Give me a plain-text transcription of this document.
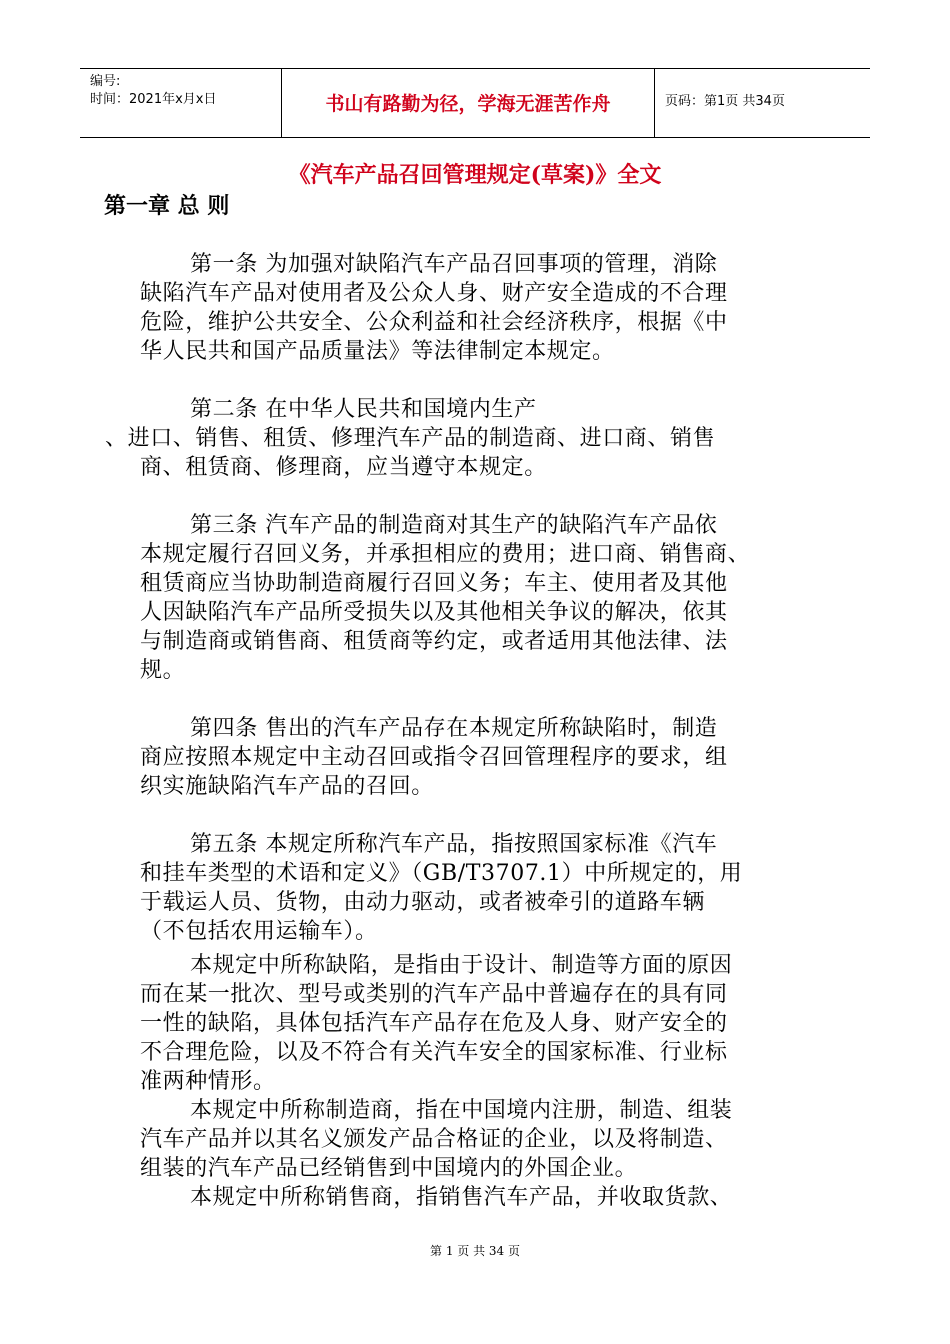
编号:
时间：2021年x月x日	书山有路勤为径，学海无涯苦作舟	页码：第1页 共34页
《汽车产品召回管理规定(草案)》全文
第一章 总 则
第一条 为加强对缺陷汽车产品召回事项的管理，消除
缺陷汽车产品对使用者及公众人身、财产安全造成的不合理
危险，维护公共安全、公众利益和社会经济秩序，根据《中
华人民共和国产品质量法》等法律制定本规定。
第二条 在中华人民共和国境内生产
、进口、销售、租赁、修理汽车产品的制造商、进口商、销售
商、租赁商、修理商，应当遵守本规定。
第三条 汽车产品的制造商对其生产的缺陷汽车产品依
本规定履行召回义务，并承担相应的费用；进口商、销售商、
租赁商应当协助制造商履行召回义务；车主、使用者及其他
人因缺陷汽车产品所受损失以及其他相关争议的解决，依其
与制造商或销售商、租赁商等约定，或者适用其他法律、法
规。
第四条 售出的汽车产品存在本规定所称缺陷时，制造
商应按照本规定中主动召回或指令召回管理程序的要求，组
织实施缺陷汽车产品的召回。
第五条 本规定所称汽车产品，指按照国家标准《汽车
和挂车类型的术语和定义》（GB/T3707.1）中所规定的，用
于载运人员、货物，由动力驱动，或者被牵引的道路车辆
（不包括农用运输车）。
本规定中所称缺陷，是指由于设计、制造等方面的原因
而在某一批次、型号或类别的汽车产品中普遍存在的具有同
一性的缺陷，具体包括汽车产品存在危及人身、财产安全的
不合理危险，以及不符合有关汽车安全的国家标准、行业标
准两种情形。
本规定中所称制造商，指在中国境内注册，制造、组装
汽车产品并以其名义颁发产品合格证的企业，以及将制造、
组装的汽车产品已经销售到中国境内的外国企业。
本规定中所称销售商，指销售汽车产品，并收取货款、
第 1 页 共 34 页
